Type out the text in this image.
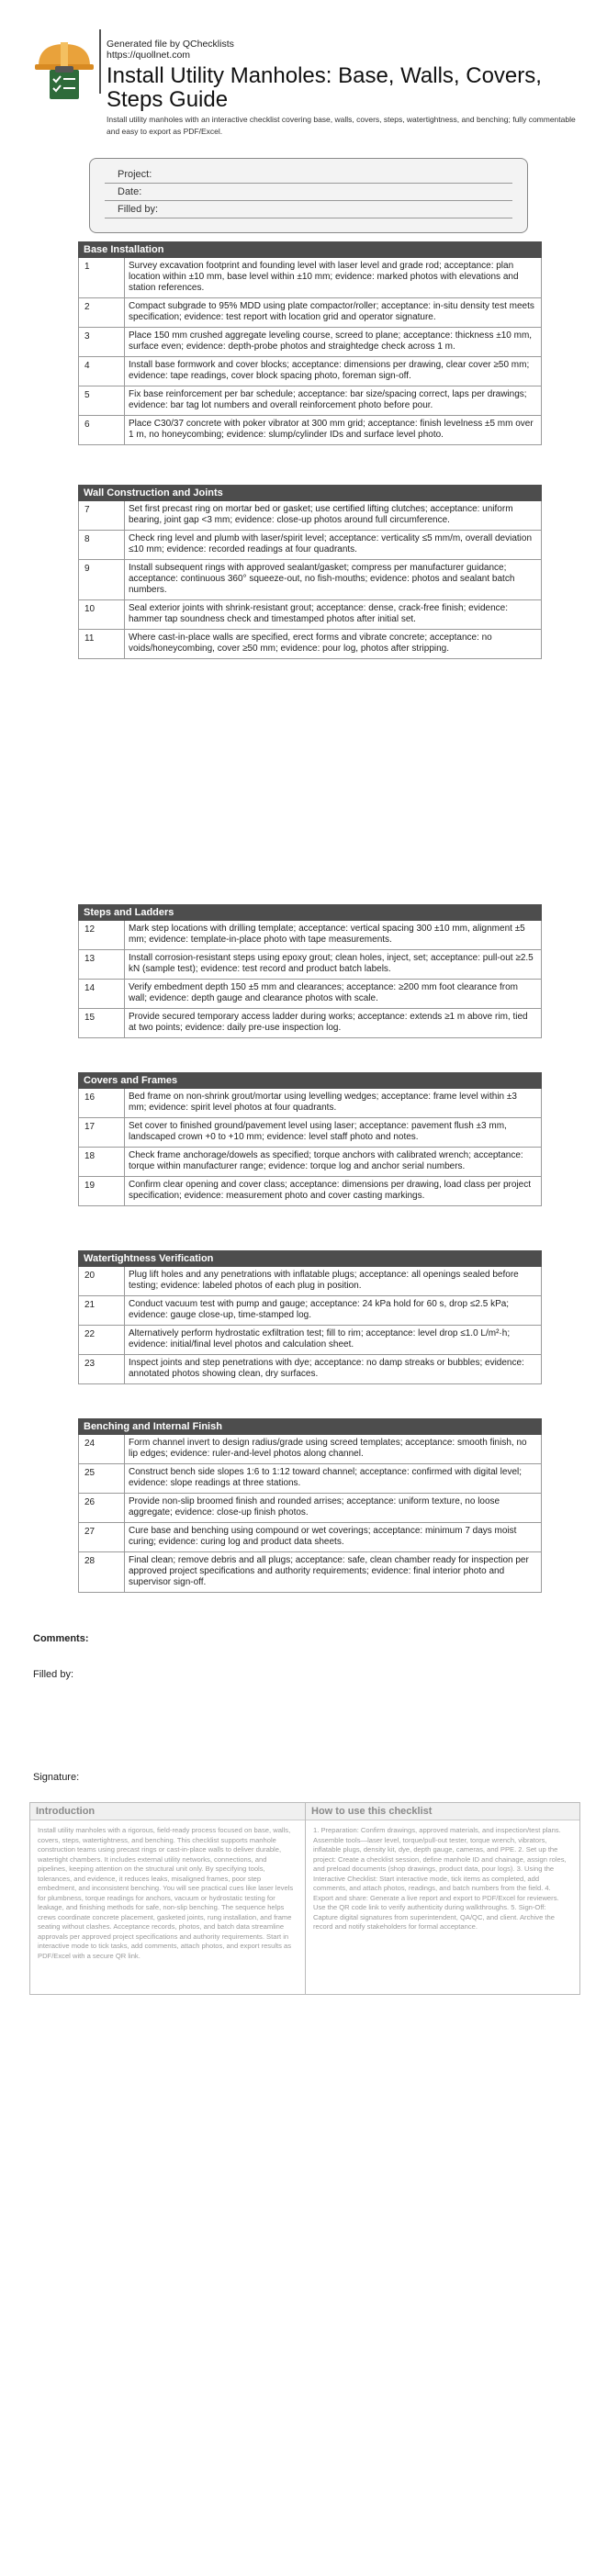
Generated file by QChecklists
https://quollnet.com
Install Utility Manholes: Base, Walls, Covers, Steps Guide
Install utility manholes with an interactive checklist covering base, walls, covers, steps, watertightness, and benching; fully commentable and easy to export as PDF/Excel.
Project:
Date:
Filled by:
Base Installation
1	Survey excavation footprint and founding level with laser level and grade rod; acceptance: plan location within ±10 mm, base level within ±10 mm; evidence: marked photos with elevations and station references.
2	Compact subgrade to 95% MDD using plate compactor/roller; acceptance: in-situ density test meets specification; evidence: test report with location grid and operator signature.
3	Place 150 mm crushed aggregate leveling course, screed to plane; acceptance: thickness ±10 mm, surface even; evidence: depth-probe photos and straightedge check across 1 m.
4	Install base formwork and cover blocks; acceptance: dimensions per drawing, clear cover ≥50 mm; evidence: tape readings, cover block spacing photo, foreman sign-off.
5	Fix base reinforcement per bar schedule; acceptance: bar size/spacing correct, laps per drawings; evidence: bar tag lot numbers and overall reinforcement photo before pour.
6	Place C30/37 concrete with poker vibrator at 300 mm grid; acceptance: finish levelness ±5 mm over 1 m, no honeycombing; evidence: slump/cylinder IDs and surface level photo.
Wall Construction and Joints
7	Set first precast ring on mortar bed or gasket; use certified lifting clutches; acceptance: uniform bearing, joint gap <3 mm; evidence: close-up photos around full circumference.
8	Check ring level and plumb with laser/spirit level; acceptance: verticality ≤5 mm/m, overall deviation ≤10 mm; evidence: recorded readings at four quadrants.
9	Install subsequent rings with approved sealant/gasket; compress per manufacturer guidance; acceptance: continuous 360° squeeze-out, no fish-mouths; evidence: photos and sealant batch numbers.
10	Seal exterior joints with shrink-resistant grout; acceptance: dense, crack-free finish; evidence: hammer tap soundness check and timestamped photos after initial set.
11	Where cast-in-place walls are specified, erect forms and vibrate concrete; acceptance: no voids/honeycombing, cover ≥50 mm; evidence: pour log, photos after stripping.
Steps and Ladders
12	Mark step locations with drilling template; acceptance: vertical spacing 300 ±10 mm, alignment ±5 mm; evidence: template-in-place photo with tape measurements.
13	Install corrosion-resistant steps using epoxy grout; clean holes, inject, set; acceptance: pull-out ≥2.5 kN (sample test); evidence: test record and product batch labels.
14	Verify embedment depth 150 ±5 mm and clearances; acceptance: ≥200 mm foot clearance from wall; evidence: depth gauge and clearance photos with scale.
15	Provide secured temporary access ladder during works; acceptance: extends ≥1 m above rim, tied at two points; evidence: daily pre-use inspection log.
Covers and Frames
16	Bed frame on non-shrink grout/mortar using levelling wedges; acceptance: frame level within ±3 mm; evidence: spirit level photos at four quadrants.
17	Set cover to finished ground/pavement level using laser; acceptance: pavement flush ±3 mm, landscaped crown +0 to +10 mm; evidence: level staff photo and notes.
18	Check frame anchorage/dowels as specified; torque anchors with calibrated wrench; acceptance: torque within manufacturer range; evidence: torque log and anchor serial numbers.
19	Confirm clear opening and cover class; acceptance: dimensions per drawing, load class per project specification; evidence: measurement photo and cover casting markings.
Watertightness Verification
20	Plug lift holes and any penetrations with inflatable plugs; acceptance: all openings sealed before testing; evidence: labeled photos of each plug in position.
21	Conduct vacuum test with pump and gauge; acceptance: 24 kPa hold for 60 s, drop ≤2.5 kPa; evidence: gauge close-up, time-stamped log.
22	Alternatively perform hydrostatic exfiltration test; fill to rim; acceptance: level drop ≤1.0 L/m²·h; evidence: initial/final level photos and calculation sheet.
23	Inspect joints and step penetrations with dye; acceptance: no damp streaks or bubbles; evidence: annotated photos showing clean, dry surfaces.
Benching and Internal Finish
24	Form channel invert to design radius/grade using screed templates; acceptance: smooth finish, no lip edges; evidence: ruler-and-level photos along channel.
25	Construct bench side slopes 1:6 to 1:12 toward channel; acceptance: confirmed with digital level; evidence: slope readings at three stations.
26	Provide non-slip broomed finish and rounded arrises; acceptance: uniform texture, no loose aggregate; evidence: close-up finish photos.
27	Cure base and benching using compound or wet coverings; acceptance: minimum 7 days moist curing; evidence: curing log and product data sheets.
28	Final clean; remove debris and all plugs; acceptance: safe, clean chamber ready for inspection per approved project specifications and authority requirements; evidence: final interior photo and supervisor sign-off.
Comments:
Filled by:
Signature:
Introduction

Install utility manholes with a rigorous, field-ready process focused on base, walls, covers, steps, watertightness, and benching. This checklist supports manhole construction teams using precast rings or cast-in-place walls to deliver durable, watertight chambers. It includes external utility networks, connections, and pipelines, keeping attention on the structural unit only. By specifying tools, tolerances, and evidence, it reduces leaks, misaligned frames, poor step embedment, and inconsistent benching. You will see practical cues like laser levels for plumbness, torque readings for anchors, vacuum or hydrostatic testing for leakage, and finishing methods for safe, non-slip benching. The sequence helps crews coordinate concrete placement, gasketed joints, rung installation, and frame seating without clashes. Acceptance records, photos, and batch data streamline approvals per approved project specifications and authority requirements. Start in interactive mode to tick tasks, add comments, attach photos, and export results as PDF/Excel with a secure QR link.

How to use this checklist

1. Preparation: Confirm drawings, approved materials, and inspection/test plans. Assemble tools—laser level, torque/pull-out tester, torque wrench, vibrators, inflatable plugs, density kit, dye, depth gauge, cameras, and PPE. 2. Set up the project: Create a checklist session, define manhole ID and chainage, assign roles, and preload documents (shop drawings, product data, pour logs). 3. Using the Interactive Checklist: Start interactive mode, tick items as completed, add comments, and attach photos, readings, and batch numbers from the field. 4. Export and share: Generate a live report and export to PDF/Excel for reviewers. Use the QR code link to verify authenticity during walkthroughs. 5. Sign-Off: Capture digital signatures from superintendent, QA/QC, and client. Archive the record and notify stakeholders for formal acceptance.
